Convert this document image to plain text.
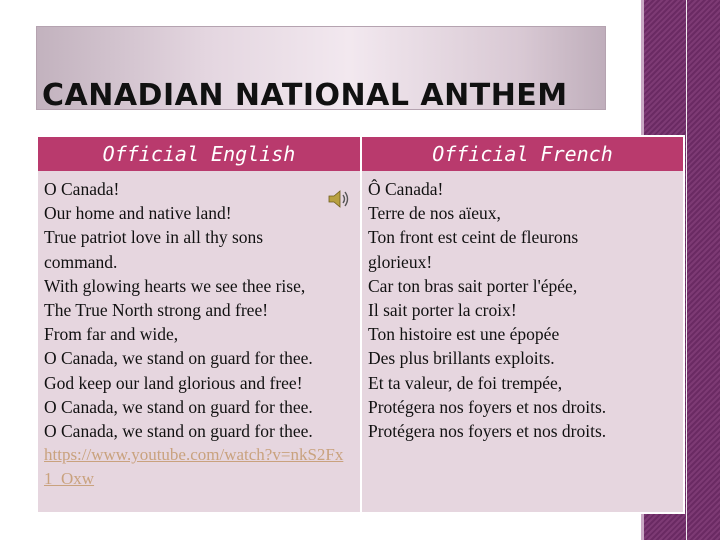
CANADIAN NATIONAL ANTHEM
Official English	Official French
O Canada!
Our home and native land!
True patriot love in all thy sons
command.
With glowing hearts we see thee rise,
The True North strong and free!
From far and wide,
O Canada, we stand on guard for thee.
God keep our land glorious and free!
O Canada, we stand on guard for thee.
O Canada, we stand on guard for thee.
https://www.youtube.com/watch?v=nkS2Fx1_Oxw
Ô Canada!
Terre de nos aïeux,
Ton front est ceint de fleurons
glorieux!
Car ton bras sait porter l'épée,
Il sait porter la croix!
Ton histoire est une épopée
Des plus brillants exploits.
Et ta valeur, de foi trempée,
Protégera nos foyers et nos droits.
Protégera nos foyers et nos droits.
